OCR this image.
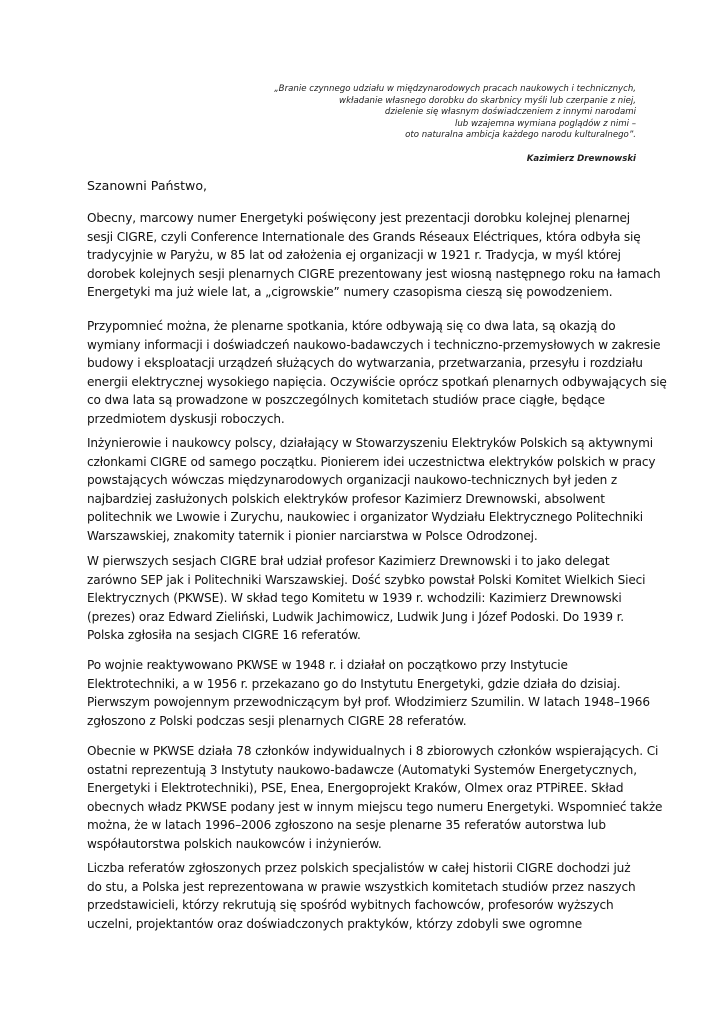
„Branie czynnego udziału w międzynarodowych pracach naukowych i technicznych,
wkładanie własnego dorobku do skarbnicy myśli lub czerpanie z niej,
dzielenie się własnym doświadczeniem z innymi narodami
lub wzajemna wymiana poglądów z nimi –
oto naturalna ambicja każdego narodu kulturalnego”.
Kazimierz Drewnowski
Szanowni Państwo,
Obecny, marcowy numer Energetyki poświęcony jest prezentacji dorobku kolejnej plenarnej
sesji CIGRE, czyli Conference Internationale des Grands Réseaux Eléctriques, która odbyła się
tradycyjnie w Paryżu, w 85 lat od założenia ej organizacji w 1921 r. Tradycja, w myśl której
dorobek kolejnych sesji plenarnych CIGRE prezentowany jest wiosną następnego roku na łamach
Energetyki ma już wiele lat, a „cigrowskie” numery czasopisma cieszą się powodzeniem.
Przypomnieć można, że plenarne spotkania, które odbywają się co dwa lata, są okazją do
wymiany informacji i doświadczeń naukowo-badawczych i techniczno-przemysłowych w zakresie
budowy i eksploatacji urządzeń służących do wytwarzania, przetwarzania, przesyłu i rozdziału
energii elektrycznej wysokiego napięcia. Oczywiście oprócz spotkań plenarnych odbywających się
co dwa lata są prowadzone w poszczególnych komitetach studiów prace ciągłe, będące
przedmiotem dyskusji roboczych.
Inżynierowie i naukowcy polscy, działający w Stowarzyszeniu Elektryków Polskich są aktywnymi
członkami CIGRE od samego początku. Pionierem idei uczestnictwa elektryków polskich w pracy
powstających wówczas międzynarodowych organizacji naukowo-technicznych był jeden z
najbardziej zasłużonych polskich elektryków profesor Kazimierz Drewnowski, absolwent
politechnik we Lwowie i Zurychu, naukowiec i organizator Wydziału Elektrycznego Politechniki
Warszawskiej, znakomity taternik i pionier narciarstwa w Polsce Odrodzonej.
W pierwszych sesjach CIGRE brał udział profesor Kazimierz Drewnowski i to jako delegat
zarówno SEP jak i Politechniki Warszawskiej. Dość szybko powstał Polski Komitet Wielkich Sieci
Elektrycznych (PKWSE). W skład tego Komitetu w 1939 r. wchodzili: Kazimierz Drewnowski
(prezes) oraz Edward Zieliński, Ludwik Jachimowicz, Ludwik Jung i Józef Podoski. Do 1939 r.
Polska zgłosiła na sesjach CIGRE 16 referatów.
Po wojnie reaktywowano PKWSE w 1948 r. i działał on początkowo przy Instytucie
Elektrotechniki, a w 1956 r. przekazano go do Instytutu Energetyki, gdzie działa do dzisiaj.
Pierwszym powojennym przewodniczącym był prof. Włodzimierz Szumilin. W latach 1948–1966
zgłoszono z Polski podczas sesji plenarnych CIGRE 28 referatów.
Obecnie w PKWSE działa 78 członków indywidualnych i 8 zbiorowych członków wspierających. Ci
ostatni reprezentują 3 Instytuty naukowo-badawcze (Automatyki Systemów Energetycznych,
Energetyki i Elektrotechniki), PSE, Enea, Energoprojekt Kraków, Olmex oraz PTPiREE. Skład
obecnych władz PKWSE podany jest w innym miejscu tego numeru Energetyki. Wspomnieć także
można, że w latach 1996–2006 zgłoszono na sesje plenarne 35 referatów autorstwa lub
współautorstwa polskich naukowców i inżynierów.
Liczba referatów zgłoszonych przez polskich specjalistów w całej historii CIGRE dochodzi już
do stu, a Polska jest reprezentowana w prawie wszystkich komitetach studiów przez naszych
przedstawicieli, którzy rekrutują się spośród wybitnych fachowców, profesorów wyższych
uczelni, projektantów oraz doświadczonych praktyków, którzy zdobyli swe ogromne
